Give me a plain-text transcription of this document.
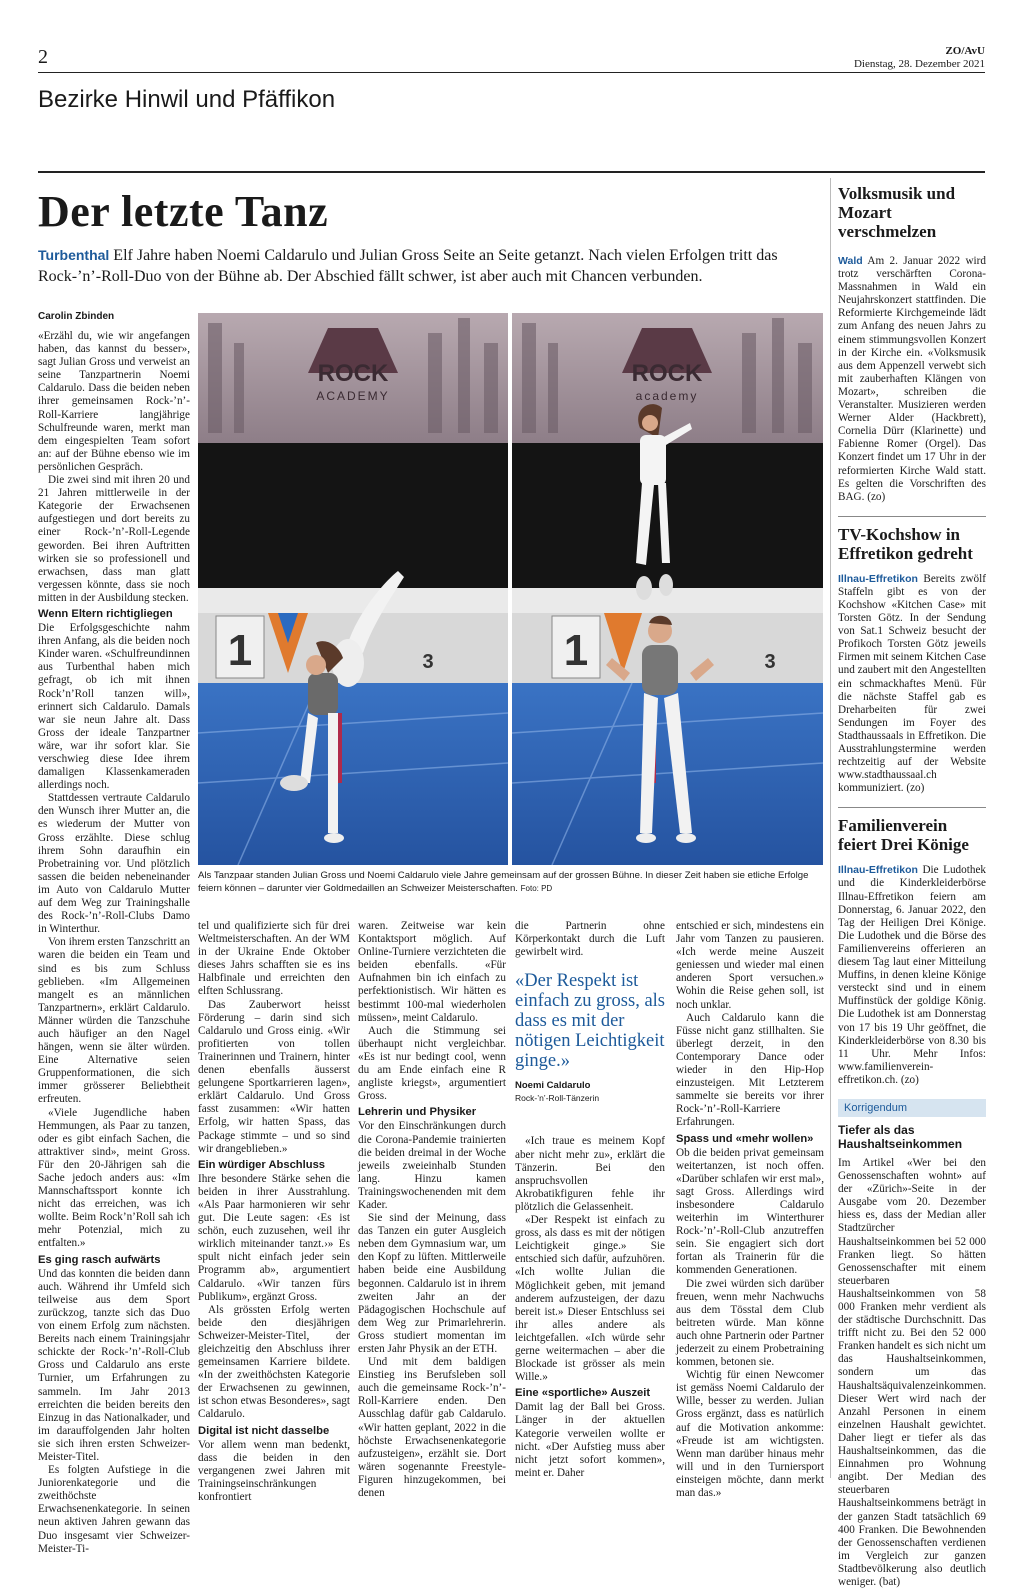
2	ZO/AvU
Dienstag, 28. Dezember 2021
Bezirke Hinwil und Pfäffikon
Der letzte Tanz
Turbenthal Elf Jahre haben Noemi Caldarulo und Julian Gross Seite an Seite getanzt. Nach vielen Erfolgen tritt das Rock-’n’-Roll-Duo von der Bühne ab. Der Abschied fällt schwer, ist aber auch mit Chancen verbunden.
Carolin Zbinden
ROCK
ACADEMY
1	3
ROCK
academy
1	3
Als Tanzpaar standen Julian Gross und Noemi Caldarulo viele Jahre gemeinsam auf der grossen Bühne. In dieser Zeit haben sie etliche Erfolge feiern können – darunter vier Goldmedaillen an Schweizer Meisterschaften. Foto: PD

«Erzähl du, wie wir angefangen haben, das kannst du besser», sagt Julian Gross und verweist an seine Tanzpartnerin Noemi Caldarulo. Dass die beiden neben ihrer gemeinsamen Rock-’n’-Roll-Karriere langjährige Schulfreunde waren, merkt man dem eingespielten Team sofort an: auf der Bühne ebenso wie im persönlichen Gespräch.

Die zwei sind mit ihren 20 und 21 Jahren mittlerweile in der Kategorie der Erwachsenen aufgestiegen und dort bereits zu einer Rock-’n’-Roll-Legende geworden. Bei ihren Auftritten wirken sie so professionell und erwachsen, dass man glatt vergessen könnte, dass sie noch mitten in der Ausbildung stecken.

Wenn Eltern richtigliegen

Die Erfolgsgeschichte nahm ihren Anfang, als die beiden noch Kinder waren. «Schulfreundinnen aus Turbenthal haben mich gefragt, ob ich mit ihnen Rock’n’Roll tanzen will», erinnert sich Caldarulo. Damals war sie neun Jahre alt. Dass Gross der ideale Tanzpartner wäre, war ihr sofort klar. Sie verschwieg diese Idee ihrem damaligen Klassenkameraden allerdings noch.

Stattdessen vertraute Caldarulo den Wunsch ihrer Mutter an, die es wiederum der Mutter von Gross erzählte. Diese schlug ihrem Sohn daraufhin ein Probetraining vor. Und plötzlich sassen die beiden nebeneinander im Auto von Caldarulo Mutter auf dem Weg zur Trainingshalle des Rock-’n’-Roll-Clubs Damo in Winterthur.

Von ihrem ersten Tanzschritt an waren die beiden ein Team und sind es bis zum Schluss geblieben. «Im Allgemeinen mangelt es an männlichen Tanzpartnern», erklärt Caldarulo. Männer würden die Tanzschuhe auch häufiger an den Nagel hängen, wenn sie älter würden. Eine Alternative seien Gruppenformationen, die sich immer grösserer Beliebtheit erfreuten.

«Viele Jugendliche haben Hemmungen, als Paar zu tanzen, oder es gibt einfach Sachen, die attraktiver sind», meint Gross. Für den 20-Jährigen sah die Sache jedoch anders aus: «Im Mannschaftssport konnte ich nicht das erreichen, was ich wollte. Beim Rock’n’Roll sah ich mehr Potenzial, mich zu entfalten.»

Es ging rasch aufwärts

Und das konnten die beiden dann auch. Während ihr Umfeld sich teilweise aus dem Sport zurückzog, tanzte sich das Duo von einem Erfolg zum nächsten. Bereits nach einem Trainingsjahr schickte der Rock-’n’-Roll-Club Gross und Caldarulo ans erste Turnier, um Erfahrungen zu sammeln. Im Jahr 2013 erreichten die beiden bereits den Einzug in das Nationalkader, und im darauffolgenden Jahr holten sie sich ihren ersten Schweizer-Meister-Titel.

Es folgten Aufstiege in die Juniorenkategorie und die zweithöchste Erwachsenenkategorie. In seinen neun aktiven Jahren gewann das Duo insgesamt vier Schweizer-Meister-Ti-

tel und qualifizierte sich für drei Weltmeisterschaften. An der WM in der Ukraine Ende Oktober dieses Jahrs schafften sie es ins Halbfinale und erreichten den elften Schlussrang.

Das Zauberwort heisst Förderung – darin sind sich Caldarulo und Gross einig. «Wir profitierten von tollen Trainerinnen und Trainern, hinter denen ebenfalls äusserst gelungene Sportkarrieren lagen», erklärt Caldarulo. Und Gross fasst zusammen: «Wir hatten Erfolg, wir hatten Spass, das Package stimmte – und so sind wir drangeblieben.»

Ein würdiger Abschluss

Ihre besondere Stärke sehen die beiden in ihrer Ausstrahlung. «Als Paar harmonieren wir sehr gut. Die Leute sagen: ‹Es ist schön, euch zuzusehen, weil ihr wirklich miteinander tanzt.›» Es spult nicht einfach jeder sein Programm ab», argumentiert Caldarulo. «Wir tanzen fürs Publikum», ergänzt Gross.

Als grössten Erfolg werten beide den diesjährigen Schweizer-Meister-Titel, der gleichzeitig den Abschluss ihrer gemeinsamen Karriere bildete. «In der zweithöchsten Kategorie der Erwachsenen zu gewinnen, ist schon etwas Besonderes», sagt Caldarulo.

Digital ist nicht dasselbe

Vor allem wenn man bedenkt, dass die beiden in den vergangenen zwei Jahren mit Trainingseinschränkungen konfrontiert

waren. Zeitweise war kein Kontaktsport möglich. Auf Online-Turniere verzichteten die beiden ebenfalls. «Für Aufnahmen bin ich einfach zu perfektionistisch. Wir hätten es bestimmt 100-mal wiederholen müssen», meint Caldarulo.

Auch die Stimmung sei überhaupt nicht vergleichbar. «Es ist nur bedingt cool, wenn du am Ende einfach eine R angliste kriegst», argumentiert Gross.

Lehrerin und Physiker

Vor den Einschränkungen durch die Corona-Pandemie trainierten die beiden dreimal in der Woche jeweils zweieinhalb Stunden lang. Hinzu kamen Trainingswochenenden mit dem Kader.

Sie sind der Meinung, dass das Tanzen ein guter Ausgleich neben dem Gymnasium war, um den Kopf zu lüften. Mittlerweile haben beide eine Ausbildung begonnen. Caldarulo ist in ihrem zweiten Jahr an der Pädagogischen Hochschule auf dem Weg zur Primarlehrerin. Gross studiert momentan im ersten Jahr Physik an der ETH.

Und mit dem baldigen Einstieg ins Berufsleben soll auch die gemeinsame Rock-’n’-Roll-Karriere enden. Den Ausschlag dafür gab Caldarulo. «Wir hatten geplant, 2022 in die höchste Erwachsenenkategorie aufzusteigen», erzählt sie. Dort wären sogenannte Freestyle-Figuren hinzugekommen, bei denen

die Partnerin ohne Körperkontakt durch die Luft gewirbelt wird.

«Der Respekt ist einfach zu gross, als dass es mit der nötigen Leichtigkeit ginge.»
Noemi Caldarulo
Rock-’n’-Roll-Tänzerin

«Ich traue es meinem Kopf aber nicht mehr zu», erklärt die Tänzerin. Bei den anspruchsvollen Akrobatikfiguren fehle ihr plötzlich die Gelassenheit.

«Der Respekt ist einfach zu gross, als dass es mit der nötigen Leichtigkeit ginge.» Sie entschied sich dafür, aufzuhören. «Ich wollte Julian die Möglichkeit geben, mit jemand anderem aufzusteigen, der dazu bereit ist.» Dieser Entschluss sei ihr alles andere als leichtgefallen. «Ich würde sehr gerne weitermachen – aber die Blockade ist grösser als mein Wille.»

Eine «sportliche» Auszeit

Damit lag der Ball bei Gross. Länger in der aktuellen Kategorie verweilen wollte er nicht. «Der Aufstieg muss aber nicht jetzt sofort kommen», meint er. Daher

entschied er sich, mindestens ein Jahr vom Tanzen zu pausieren. «Ich werde meine Auszeit geniessen und wieder mal einen anderen Sport versuchen.» Wohin die Reise gehen soll, ist noch unklar.

Auch Caldarulo kann die Füsse nicht ganz stillhalten. Sie überlegt derzeit, in den Contemporary Dance oder wieder in den Hip-Hop einzusteigen. Mit Letzterem sammelte sie bereits vor ihrer Rock-’n’-Roll-Karriere Erfahrungen.

Spass und «mehr wollen»

Ob die beiden privat gemeinsam weitertanzen, ist noch offen. «Darüber schlafen wir erst mal», sagt Gross. Allerdings wird insbesondere Caldarulo weiterhin im Winterthurer Rock-’n’-Roll-Club anzutreffen sein. Sie engagiert sich dort fortan als Trainerin für die kommenden Generationen.

Die zwei würden sich darüber freuen, wenn mehr Nachwuchs aus dem Tösstal dem Club beitreten würde. Man könne auch ohne Partnerin oder Partner jederzeit zu einem Probetraining kommen, betonen sie.

Wichtig für einen Newcomer ist gemäss Noemi Caldarulo der Wille, besser zu werden. Julian Gross ergänzt, dass es natürlich auf die Motivation ankomme: «Freude ist am wichtigsten. Wenn man darüber hinaus mehr will und in den Turniersport einsteigen möchte, dann merkt man das.»

Volksmusik und Mozart verschmelzen
Wald Am 2. Januar 2022 wird trotz verschärften Corona-Massnahmen in Wald ein Neujahrskonzert stattfinden. Die Reformierte Kirchgemeinde lädt zum Anfang des neuen Jahrs zu einem stimmungsvollen Konzert in der Kirche ein. «Volksmusik aus dem Appenzell verwebt sich mit zauberhaften Klängen von Mozart», schreiben die Veranstalter. Musizieren werden Werner Alder (Hackbrett), Cornelia Dürr (Klarinette) und Fabienne Romer (Orgel). Das Konzert findet um 17 Uhr in der reformierten Kirche Wald statt. Es gelten die Vorschriften des BAG. (zo)
TV-Kochshow in Effretikon gedreht
Illnau-Effretikon Bereits zwölf Staffeln gibt es von der Kochshow «Kitchen Case» mit Torsten Götz. In der Sendung von Sat.1 Schweiz besucht der Profikoch Torsten Götz jeweils Firmen mit seinem Kitchen Case und zaubert mit den Angestellten ein schmackhaftes Menü. Für die nächste Staffel gab es Dreharbeiten für zwei Sendungen im Foyer des Stadthaussaals in Effretikon. Die Ausstrahlungstermine werden rechtzeitig auf der Website www.stadthaussaal.ch kommuniziert. (zo)
Familienverein feiert Drei Könige
Illnau-Effretikon Die Ludothek und die Kinderkleiderbörse Illnau-Effretikon feiern am Donnerstag, 6. Januar 2022, den Tag der Heiligen Drei Könige. Die Ludothek und die Börse des Familienvereins offerieren an diesem Tag laut einer Mitteilung Muffins, in denen kleine Könige versteckt sind und in einem Muffinstück der goldige König. Die Ludothek ist am Donnerstag von 17 bis 19 Uhr geöffnet, die Kinderkleiderbörse von 8.30 bis 11 Uhr. Mehr Infos: www.familienverein-effretikon.ch. (zo)
Korrigendum
Tiefer als das Haushaltseinkommen
Im Artikel «Wer bei den Genossenschaften wohnt» auf der «Zürich»-Seite in der Ausgabe vom 20. Dezember hiess es, dass der Median aller Stadtzürcher Haushaltseinkommen bei 52 000 Franken liegt. So hätten Genossenschafter mit einem steuerbaren Haushaltseinkommen von 58 000 Franken mehr verdient als der städtische Durchschnitt. Das trifft nicht zu. Bei den 52 000 Franken handelt es sich nicht um das Haushaltseinkommen, sondern um das Haushaltsäquivalenzeinkommen. Dieser Wert wird nach der Anzahl Personen in einem einzelnen Haushalt gewichtet. Daher liegt er tiefer als das Haushaltseinkommen, das die Einnahmen pro Wohnung angibt. Der Median des steuerbaren Haushaltseinkommens beträgt in der ganzen Stadt tatsächlich 69 400 Franken. Die Bewohnenden der Genossenschaften verdienen im Vergleich zur ganzen Stadtbevölkerung also deutlich weniger. (bat)
